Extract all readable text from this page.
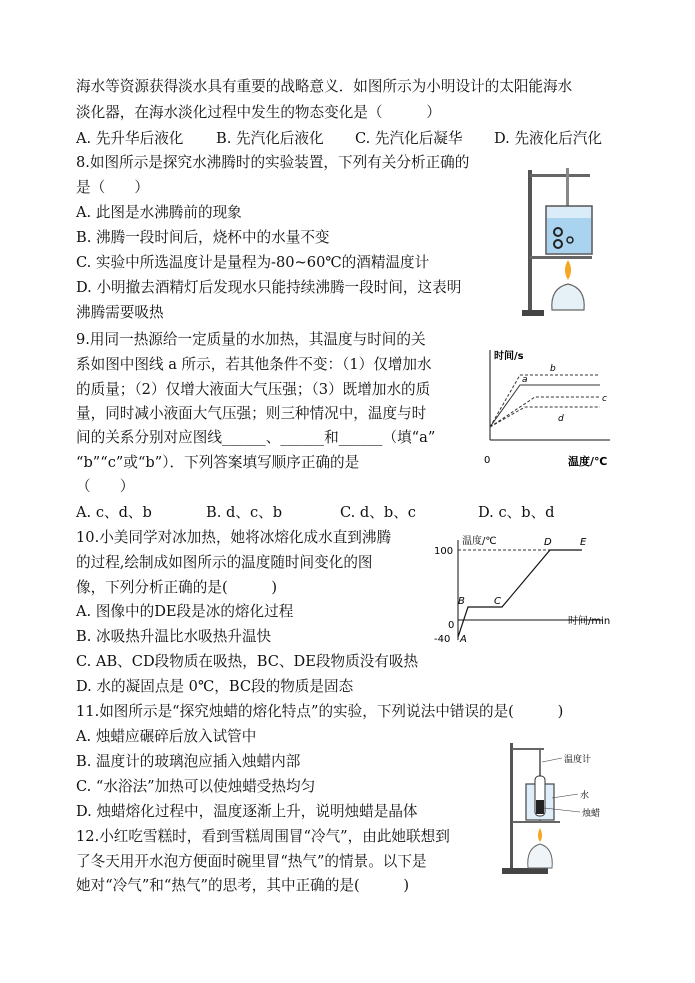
海水等资源获得淡水具有重要的战略意义．如图所示为小明设计的太阳能海水
淡化器，在海水淡化过程中发生的物态变化是（　　　）
A. 先升华后液化 B. 先汽化后液化 C. 先汽化后凝华 D. 先液化后汽化
8.如图所示是探究水沸腾时的实验装置，下列有关分析正确的
是（　　）
A. 此图是水沸腾前的现象
B. 沸腾一段时间后，烧杯中的水量不变
C. 实验中所选温度计是量程为-80~60℃的酒精温度计
D. 小明撤去酒精灯后发现水只能持续沸腾一段时间，这表明
沸腾需要吸热
9.用同一热源给一定质量的水加热，其温度与时间的关
系如图中图线 a 所示，若其他条件不变：（1）仅增加水
的质量；（2）仅增大液面大气压强；（3）既增加水的质
量，同时减小液面大气压强；则三种情况中，温度与时
间的关系分别对应图线______、______和______（填“a”
“b”“c”或“b”）．下列答案填写顺序正确的是
（　　）
A. c、d、b	B. d、c、b	C. d、b、c	D. c、b、d
时间/s
温度/℃
0
a
b
c
d
10.小美同学对冰加热，她将冰熔化成水直到沸腾
的过程,绘制成如图所示的温度随时间变化的图
像，下列分析正确的是(　　　)
A. 图像中的DE段是冰的熔化过程
B. 冰吸热升温比水吸热升温快
C. AB、CD段物质在吸热，BC、DE段物质没有吸热
D. 水的凝固点是 0℃，BC段的物质是固态
温度/℃
时间/min
100
-40
0
A
B	C
D	E
11.如图所示是“探究烛蜡的熔化特点”的实验，下列说法中错误的是(　　　)
A. 烛蜡应碾碎后放入试管中
B. 温度计的玻璃泡应插入烛蜡内部
C. “水浴法”加热可以使烛蜡受热均匀
D. 烛蜡熔化过程中，温度逐渐上升，说明烛蜡是晶体
温度计
水
烛蜡
12.小红吃雪糕时，看到雪糕周围冒“冷气”，由此她联想到
了冬天用开水泡方便面时碗里冒“热气”的情景。以下是
她对“冷气”和“热气”的思考，其中正确的是(　　　)
